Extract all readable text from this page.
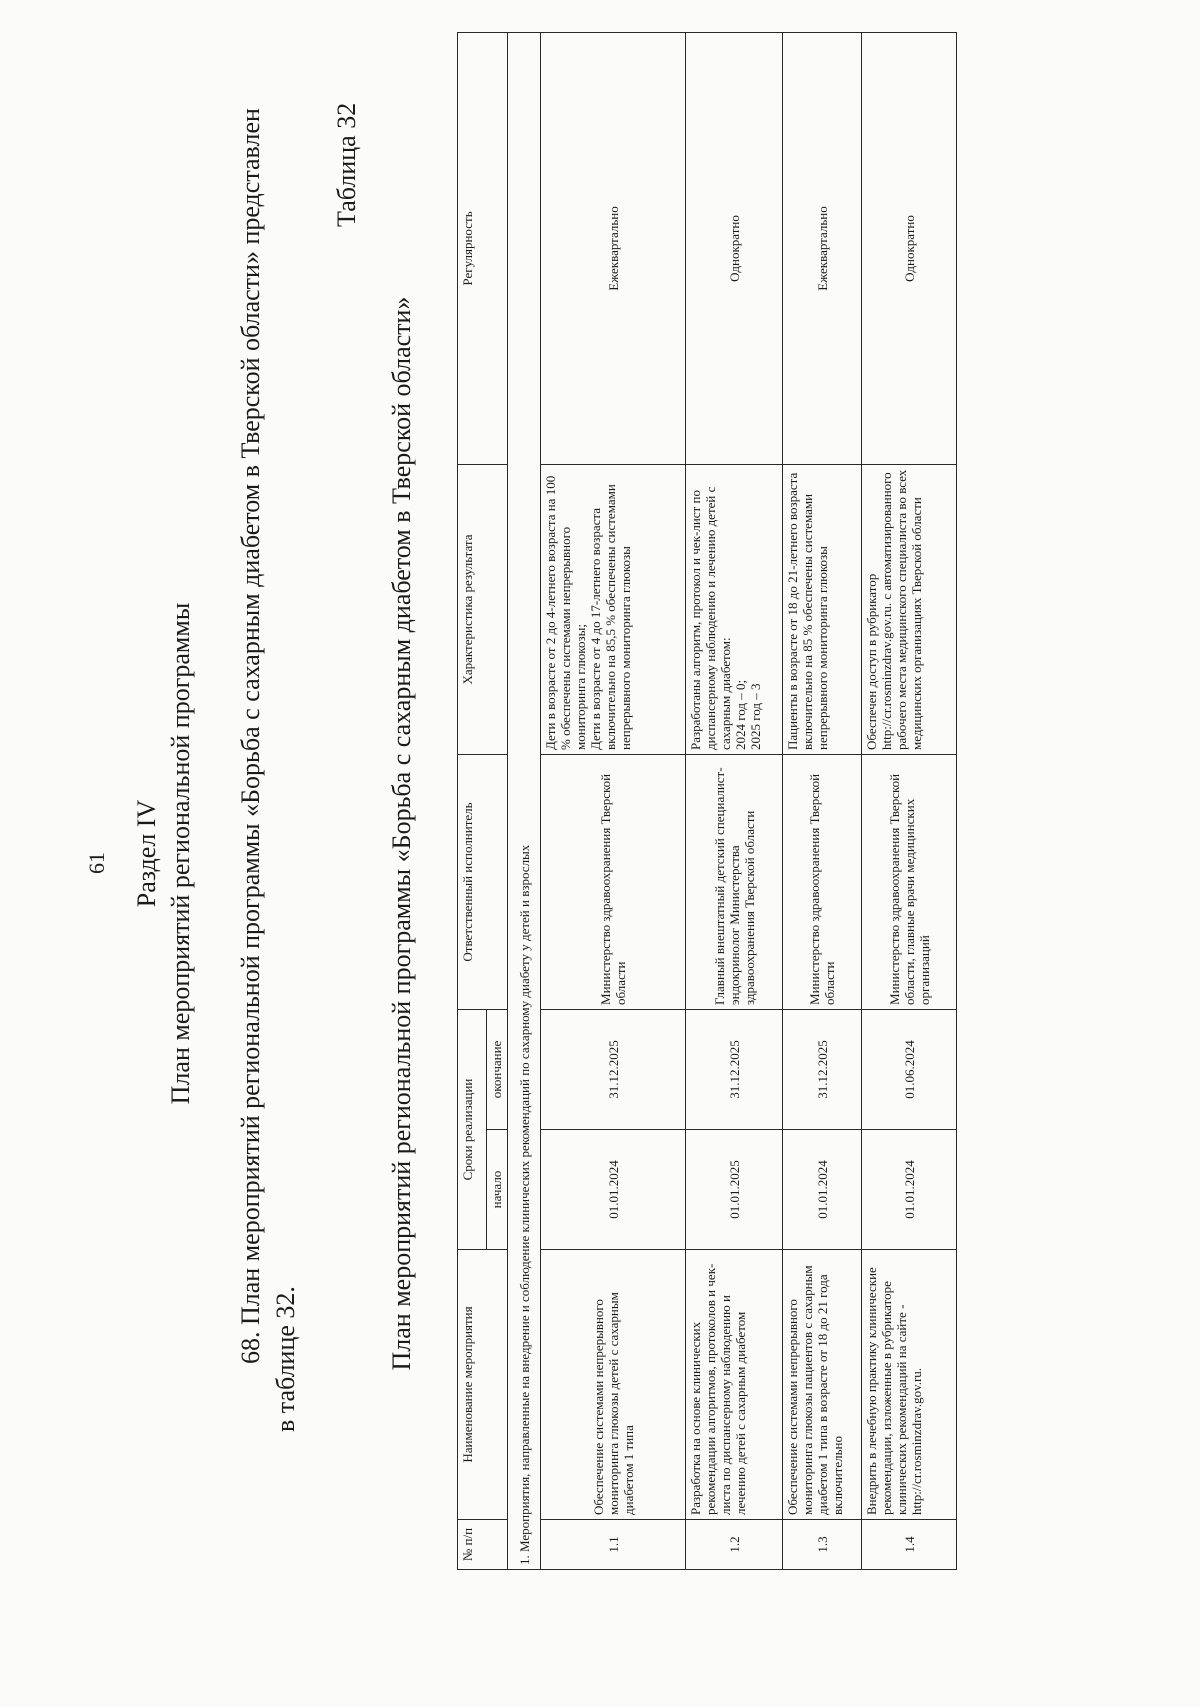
61 Раздел IV План мероприятий региональной программы 68. План мероприятий региональной программы «Борьба с сахарным диабетом в Тверской области» представлен в таблице 32.
Таблица 32
План мероприятий региональной программы «Борьба с сахарным диабетом в Тверской области»
№ п/п	Наименование мероприятия	Сроки реализации		Ответственный исполнитель	Характеристика результата	Регулярность
		начало	окончание			
1. Мероприятия, направленные на внедрение и соблюдение клинических рекомендаций по сахарному диабету у детей и взрослых						
1.1	Обеспечение системами непрерывного мониторинга глюкозы детей с сахарным диабетом 1 типа	01.01.2024	31.12.2025	Министерство здравоохранения Тверской области	Дети в возрасте от 2 до 4-летнего возраста на 100 % обеспечены системами непрерывного мониторинга глюкозы;
Дети в возрасте от 4 до 17-летнего возраста включительно на 85,5 % обеспечены системами непрерывного мониторинга глюкозы	Ежеквартально
1.2	Разработка на основе клинических рекомендации алгоритмов, протоколов и чек-листа по диспансерному наблюдению и лечению детей с сахарным диабетом	01.01.2025	31.12.2025	Главный внештатный детский специалист-эндокринолог Министерства здравоохранения Тверской области	Разработаны алгоритм, протокол и чек-лист по диспансерному наблюдению и лечению детей с сахарным диабетом:
2024 год – 0;
2025 год – 3	Однократно
1.3	Обеспечение системами непрерывного мониторинга глюкозы пациентов с сахарным диабетом 1 типа в возрасте от 18 до 21 года включительно	01.01.2024	31.12.2025	Министерство здравоохранения Тверской области	Пациенты в возрасте от 18 до 21-летнего возраста включительно на 85 % обеспечены системами непрерывного мониторинга глюкозы	Ежеквартально
1.4	Внедрить в лечебную практику клинические рекомендации, изложенные в рубрикаторе клинических рекомендаций на сайте - http://cr.rosminzdrav.gov.ru.	01.01.2024	01.06.2024	Министерство здравоохранения Тверской области, главные врачи медицинских организаций	Обеспечен доступ в рубрикатор http://cr.rosminzdrav.gov.ru. с автоматизированного рабочего места медицинского специалиста во всех медицинских организациях Тверской области	Однократно
